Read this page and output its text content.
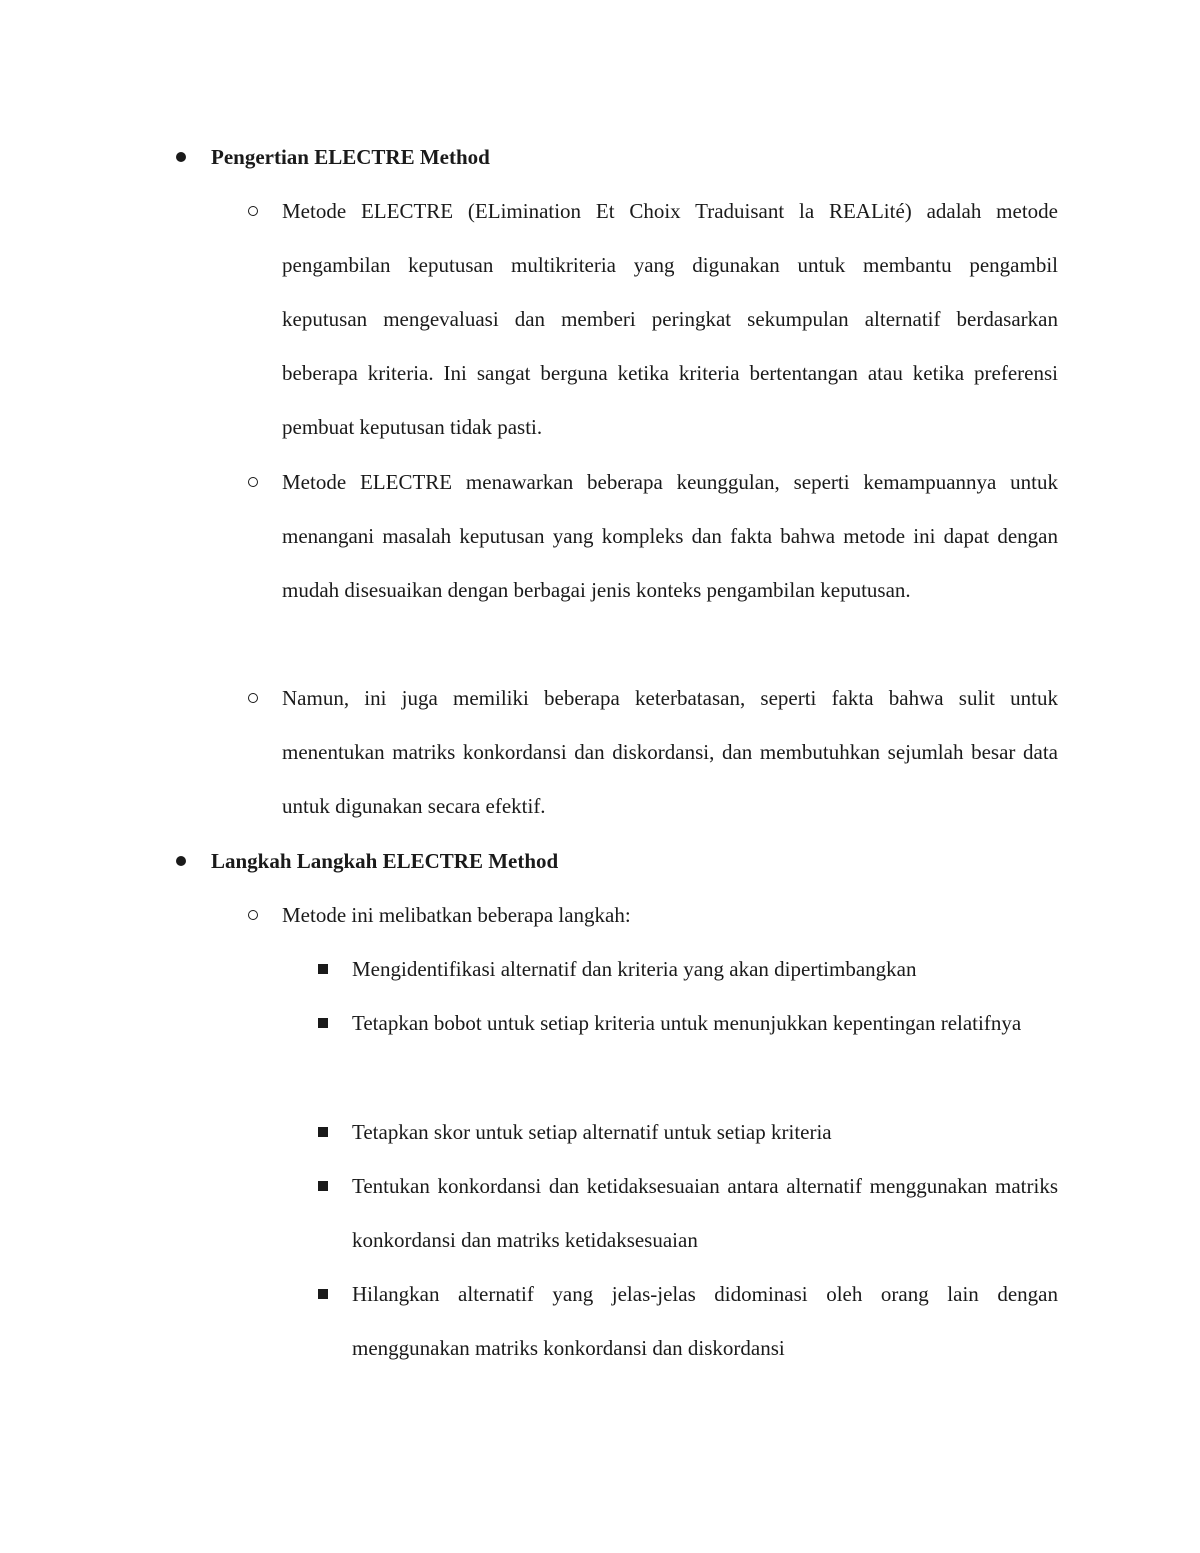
Pengertian ELECTRE Method
Metode ELECTRE (ELimination Et Choix Traduisant la REALité) adalah metode pengambilan keputusan multikriteria yang digunakan untuk membantu pengambil keputusan mengevaluasi dan memberi peringkat sekumpulan alternatif berdasarkan beberapa kriteria. Ini sangat berguna ketika kriteria bertentangan atau ketika preferensi pembuat keputusan tidak pasti.
Metode ELECTRE menawarkan beberapa keunggulan, seperti kemampuannya untuk menangani masalah keputusan yang kompleks dan fakta bahwa metode ini dapat dengan mudah disesuaikan dengan berbagai jenis konteks pengambilan keputusan.
Namun, ini juga memiliki beberapa keterbatasan, seperti fakta bahwa sulit untuk menentukan matriks konkordansi dan diskordansi, dan membutuhkan sejumlah besar data untuk digunakan secara efektif.
Langkah Langkah ELECTRE Method
Metode ini melibatkan beberapa langkah:
Mengidentifikasi alternatif dan kriteria yang akan dipertimbangkan
Tetapkan bobot untuk setiap kriteria untuk menunjukkan kepentingan relatifnya
Tetapkan skor untuk setiap alternatif untuk setiap kriteria
Tentukan konkordansi dan ketidaksesuaian antara alternatif menggunakan matriks konkordansi dan matriks ketidaksesuaian
Hilangkan alternatif yang jelas-jelas didominasi oleh orang lain dengan menggunakan matriks konkordansi dan diskordansi
